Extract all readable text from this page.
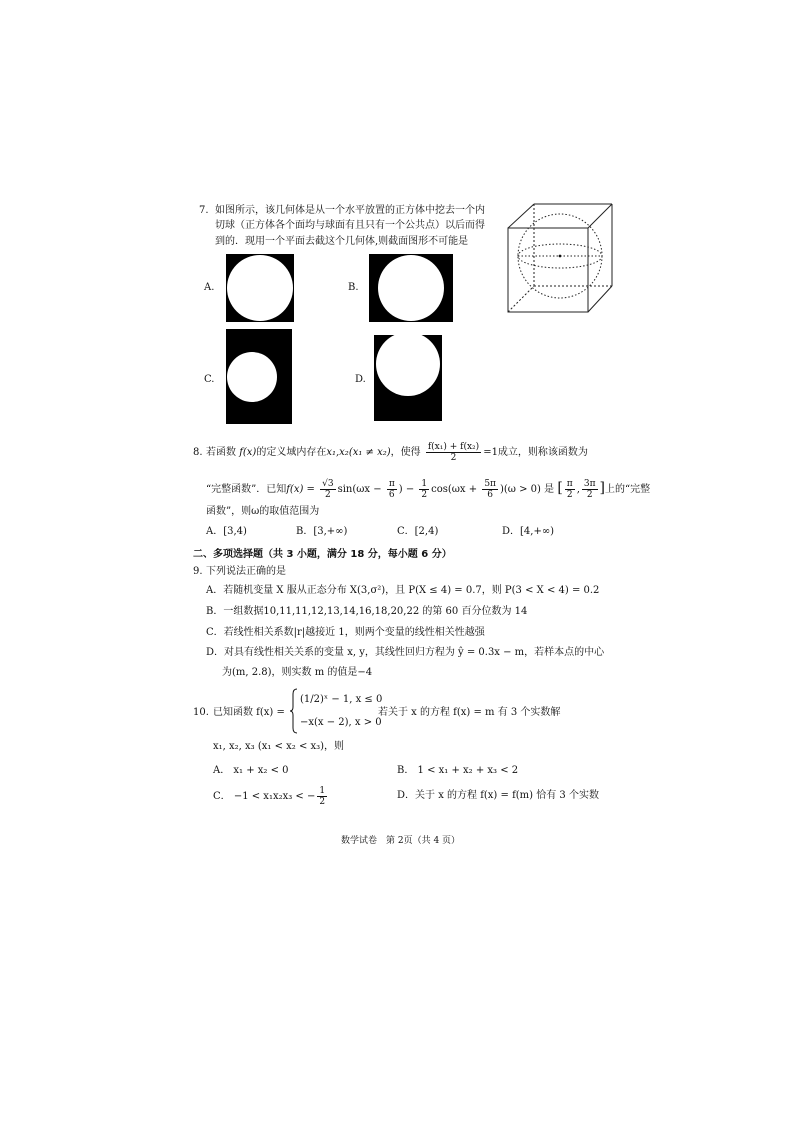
7. 如图所示，该几何体是从一个水平放置的正方体中挖去一个内
切球（正方体各个面均与球面有且只有一个公共点）以后而得
到的．现用一个平面去截这个几何体,则截面图形不可能是
A.	B.
C.	D.
8. 若函数 f(x)的定义域内存在x₁,x₂(x₁ ≠ x₂)，使得 $\frac{\text{f(x₁) + f(x₂)}}{2} =1$成立，则称该函数为
“完整函数”．已知$f(x) = \frac{√3}{2} \sin(\omega x - \frac{\pi}{6}$ ) − $\frac{1}{2} \cos(\omega x + \frac{5\pi}{6} )(\omega > 0)$ 是 [ $\frac{\pi}{2}$ , $\frac{3\pi}{2}$ ]上的“完整
函数”，则ω的取值范围为
A．[3,4)	B．[3,+∞)	C．[2,4)	D．[4,+∞)
二、多项选择题（共 3 小题，满分 18 分，每小题 6 分）
9. 下列说法正确的是
A．若随机变量 X 服从正态分布 X(3,σ²)，且 P(X ≤ 4) = 0.7，则 P(3 < X < 4) = 0.2
B．一组数据10,11,11,12,13,14,16,18,20,22 的第 60 百分位数为 14
C．若线性相关系数|r|越接近 1，则两个变量的线性相关性越强
D．对具有线性相关关系的变量 x, y，其线性回归方程为 ŷ = 0.3x − m，若样本点的中心
为(m, 2.8)，则实数 m 的值是−4
10. 已知函数 f(x) =
(1/2)ˣ − 1, x ≤ 0
−x(x − 2), x > 0
若关于 x 的方程 f(x) = m 有 3 个实数解
x₁, x₂, x₃ (x₁ < x₂ < x₃)，则
A． x₁ + x₂ < 0	B． 1 < x₁ + x₂ + x₃ < 2
C． −1 < x₁x₂x₃ < − $\frac{1}{2}$	D．关于 x 的方程 f(x) = f(m) 恰有 3 个实数
数学试卷　第 2页（共 4 页）
